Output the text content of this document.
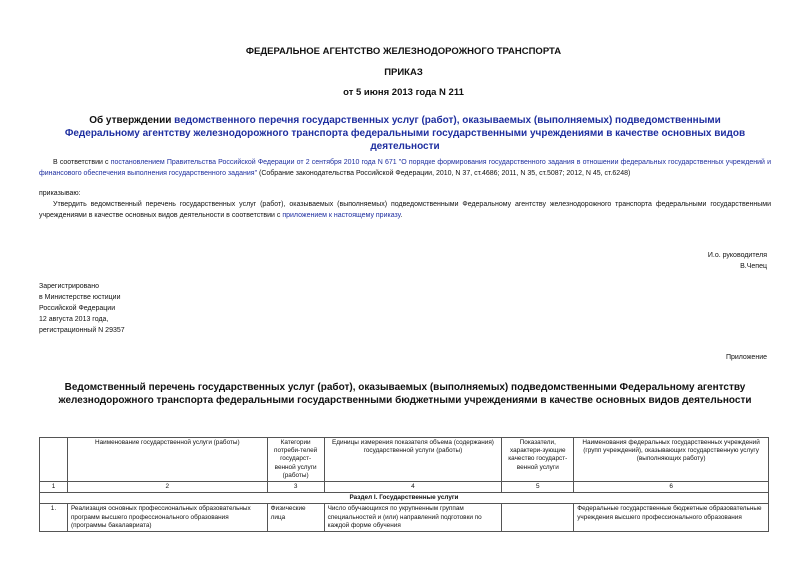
ФЕДЕРАЛЬНОЕ АГЕНТСТВО ЖЕЛЕЗНОДОРОЖНОГО ТРАНСПОРТА
ПРИКАЗ
от 5 июня 2013 года N 211
Об утверждении ведомственного перечня государственных услуг (работ), оказываемых (выполняемых) подведомственными Федеральному агентству железнодорожного транспорта федеральными государственными учреждениями в качестве основных видов деятельности
В соответствии с постановлением Правительства Российской Федерации от 2 сентября 2010 года N 671 "О порядке формирования государственного задания в отношении федеральных государственных учреждений и финансового обеспечения выполнения государственного задания" (Собрание законодательства Российской Федерации, 2010, N 37, ст.4686; 2011, N 35, ст.5087; 2012, N 45, ст.6248)
приказываю:
Утвердить ведомственный перечень государственных услуг (работ), оказываемых (выполняемых) подведомственными Федеральному агентству железнодорожного транспорта федеральными государственными учреждениями в качестве основных видов деятельности в соответствии с приложением к настоящему приказу.
И.о. руководителя
В.Чепец
Зарегистрировано
в Министерстве юстиции
Российской Федерации
12 августа 2013 года,
регистрационный N 29357
Приложение
Ведомственный перечень государственных услуг (работ), оказываемых (выполняемых) подведомственными Федеральному агентству железнодорожного транспорта федеральными государственными бюджетными учреждениями в качестве основных видов деятельности
	Наименование государственной услуги (работы)	Категории потреби-телей государст-венной услуги (работы)	Единицы измерения показателя объема (содержания) государственной услуги (работы)	Показатели, характери-зующие качество государст-венной услуги	Наименования федеральных государственных учреждений (групп учреждений), оказывающих государственную услугу (выполняющих работу)
1	2	3	4	5	6
Раздел I. Государственные услуги					
1.	Реализация основных профессиональных образовательных программ высшего профессионального образования (программы бакалавриата)	Физические лица	Число обучающихся по укрупненным группам специальностей и (или) направлений подготовки по каждой форме обучения		Федеральные государственные бюджетные образовательные учреждения высшего профессионального образования
